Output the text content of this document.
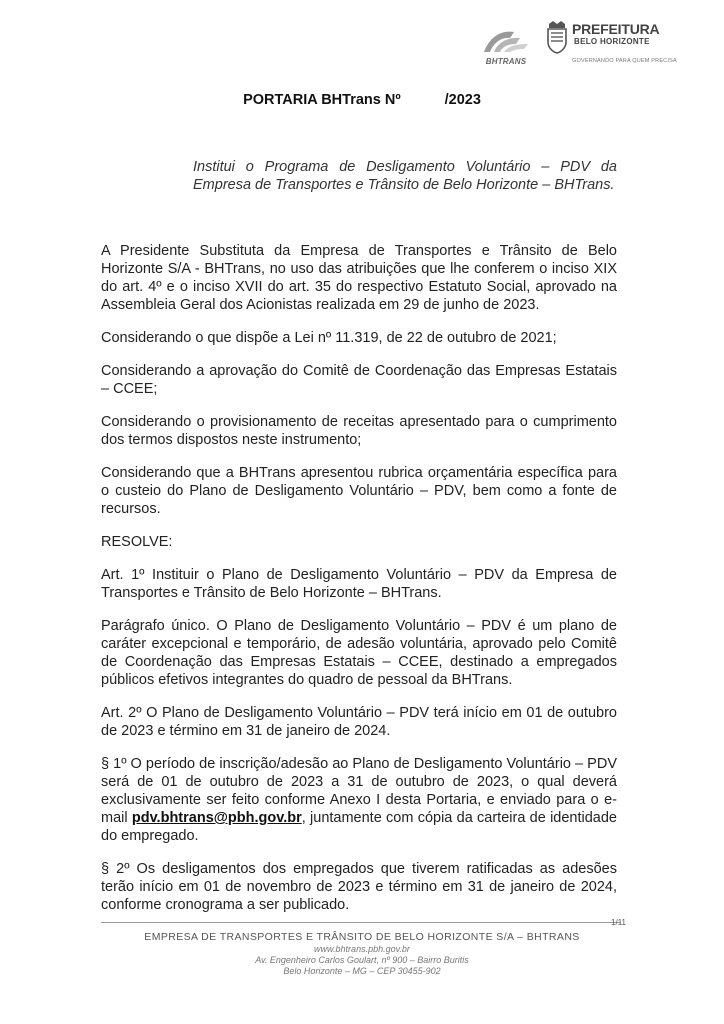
BHTRANS
PREFEITURA
BELO HORIZONTE
GOVERNANDO PARA QUEM PRECISA
PORTARIA BHTrans Nº	/2023

Institui o Programa de Desligamento Voluntário – PDV da Empresa de Transportes e Trânsito de Belo Horizonte – BHTrans.

A Presidente Substituta da Empresa de Transportes e Trânsito de Belo Horizonte S/A - BHTrans, no uso das atribuições que lhe conferem o inciso XIX do art. 4º e o inciso XVII do art. 35 do respectivo Estatuto Social, aprovado na Assembleia Geral dos Acionistas realizada em 29 de junho de 2023.

Considerando o que dispõe a Lei nº 11.319, de 22 de outubro de 2021;

Considerando a aprovação do Comitê de Coordenação das Empresas Estatais – CCEE;

Considerando o provisionamento de receitas apresentado para o cumprimento dos termos dispostos neste instrumento;

Considerando que a BHTrans apresentou rubrica orçamentária específica para o custeio do Plano de Desligamento Voluntário – PDV, bem como a fonte de recursos.

RESOLVE:

Art. 1º Instituir o Plano de Desligamento Voluntário – PDV da Empresa de Transportes e Trânsito de Belo Horizonte – BHTrans.

Parágrafo único. O Plano de Desligamento Voluntário – PDV é um plano de caráter excepcional e temporário, de adesão voluntária, aprovado pelo Comitê de Coordenação das Empresas Estatais – CCEE, destinado a empregados públicos efetivos integrantes do quadro de pessoal da BHTrans.

Art. 2º O Plano de Desligamento Voluntário – PDV terá início em 01 de outubro de 2023 e término em 31 de janeiro de 2024.

§ 1º O período de inscrição/adesão ao Plano de Desligamento Voluntário – PDV será de 01 de outubro de 2023 a 31 de outubro de 2023, o qual deverá exclusivamente ser feito conforme Anexo I desta Portaria, e enviado para o e-mail pdv.bhtrans@pbh.gov.br, juntamente com cópia da carteira de identidade do empregado.

§ 2º Os desligamentos dos empregados que tiverem ratificadas as adesões terão início em 01 de novembro de 2023 e término em 31 de janeiro de 2024, conforme cronograma a ser publicado.

1/11
EMPRESA DE TRANSPORTES E TRÂNSITO DE BELO HORIZONTE S/A – BHTRANS
www.bhtrans.pbh.gov.br
Av. Engenheiro Carlos Goulart, nº 900 – Bairro Buritis
Belo Horizonte – MG – CEP 30455-902
